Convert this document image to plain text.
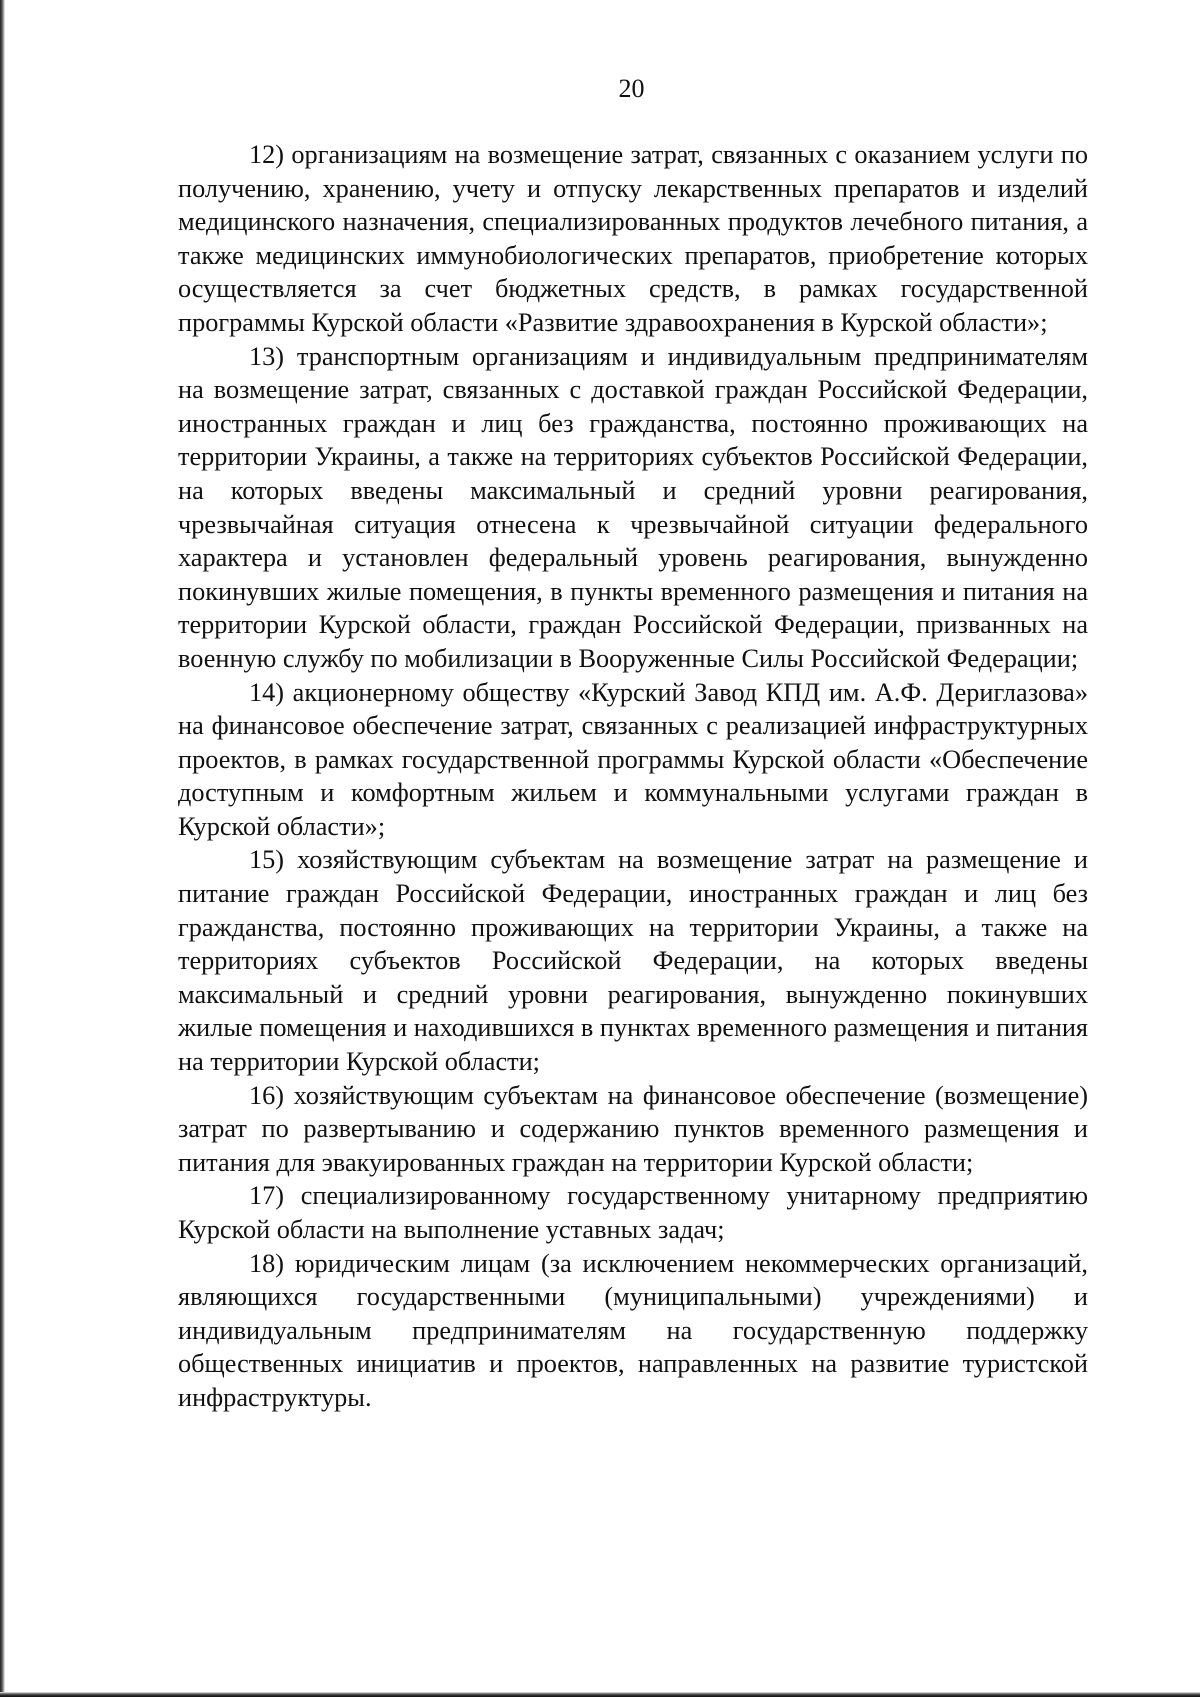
20

12) организациям на возмещение затрат, связанных с оказанием услуги по получению, хранению, учету и отпуску лекарственных препаратов и изделий медицинского назначения, специализированных продуктов лечебного питания, а также медицинских иммунобиологических препаратов, приобретение которых осуществляется за счет бюджетных средств, в рамках государственной программы Курской области «Развитие здравоохранения в Курской области»;

13) транспортным организациям и индивидуальным предпринимателям на возмещение затрат, связанных с доставкой граждан Российской Федерации, иностранных граждан и лиц без гражданства, постоянно проживающих на территории Украины, а также на территориях субъектов Российской Федерации, на которых введены максимальный и средний уровни реагирования, чрезвычайная ситуация отнесена к чрезвычайной ситуации федерального характера и установлен федеральный уровень реагирования, вынужденно покинувших жилые помещения, в пункты временного размещения и питания на территории Курской области, граждан Российской Федерации, призванных на военную службу по мобилизации в Вооруженные Силы Российской Федерации;

14) акционерному обществу «Курский Завод КПД им. А.Ф. Дериглазова» на финансовое обеспечение затрат, связанных с реализацией инфраструктурных проектов, в рамках государственной программы Курской области «Обеспечение доступным и комфортным жильем и коммунальными услугами граждан в Курской области»;

15) хозяйствующим субъектам на возмещение затрат на размещение и питание граждан Российской Федерации, иностранных граждан и лиц без гражданства, постоянно проживающих на территории Украины, а также на территориях субъектов Российской Федерации, на которых введены максимальный и средний уровни реагирования, вынужденно покинувших жилые помещения и находившихся в пунктах временного размещения и питания на территории Курской области;

16) хозяйствующим субъектам на финансовое обеспечение (возмещение) затрат по развертыванию и содержанию пунктов временного размещения и питания для эвакуированных граждан на территории Курской области;

17) специализированному государственному унитарному предприятию Курской области на выполнение уставных задач;

18) юридическим лицам (за исключением некоммерческих организаций, являющихся государственными (муниципальными) учреждениями) и индивидуальным предпринимателям на государственную поддержку общественных инициатив и проектов, направленных на развитие туристской инфраструктуры.
